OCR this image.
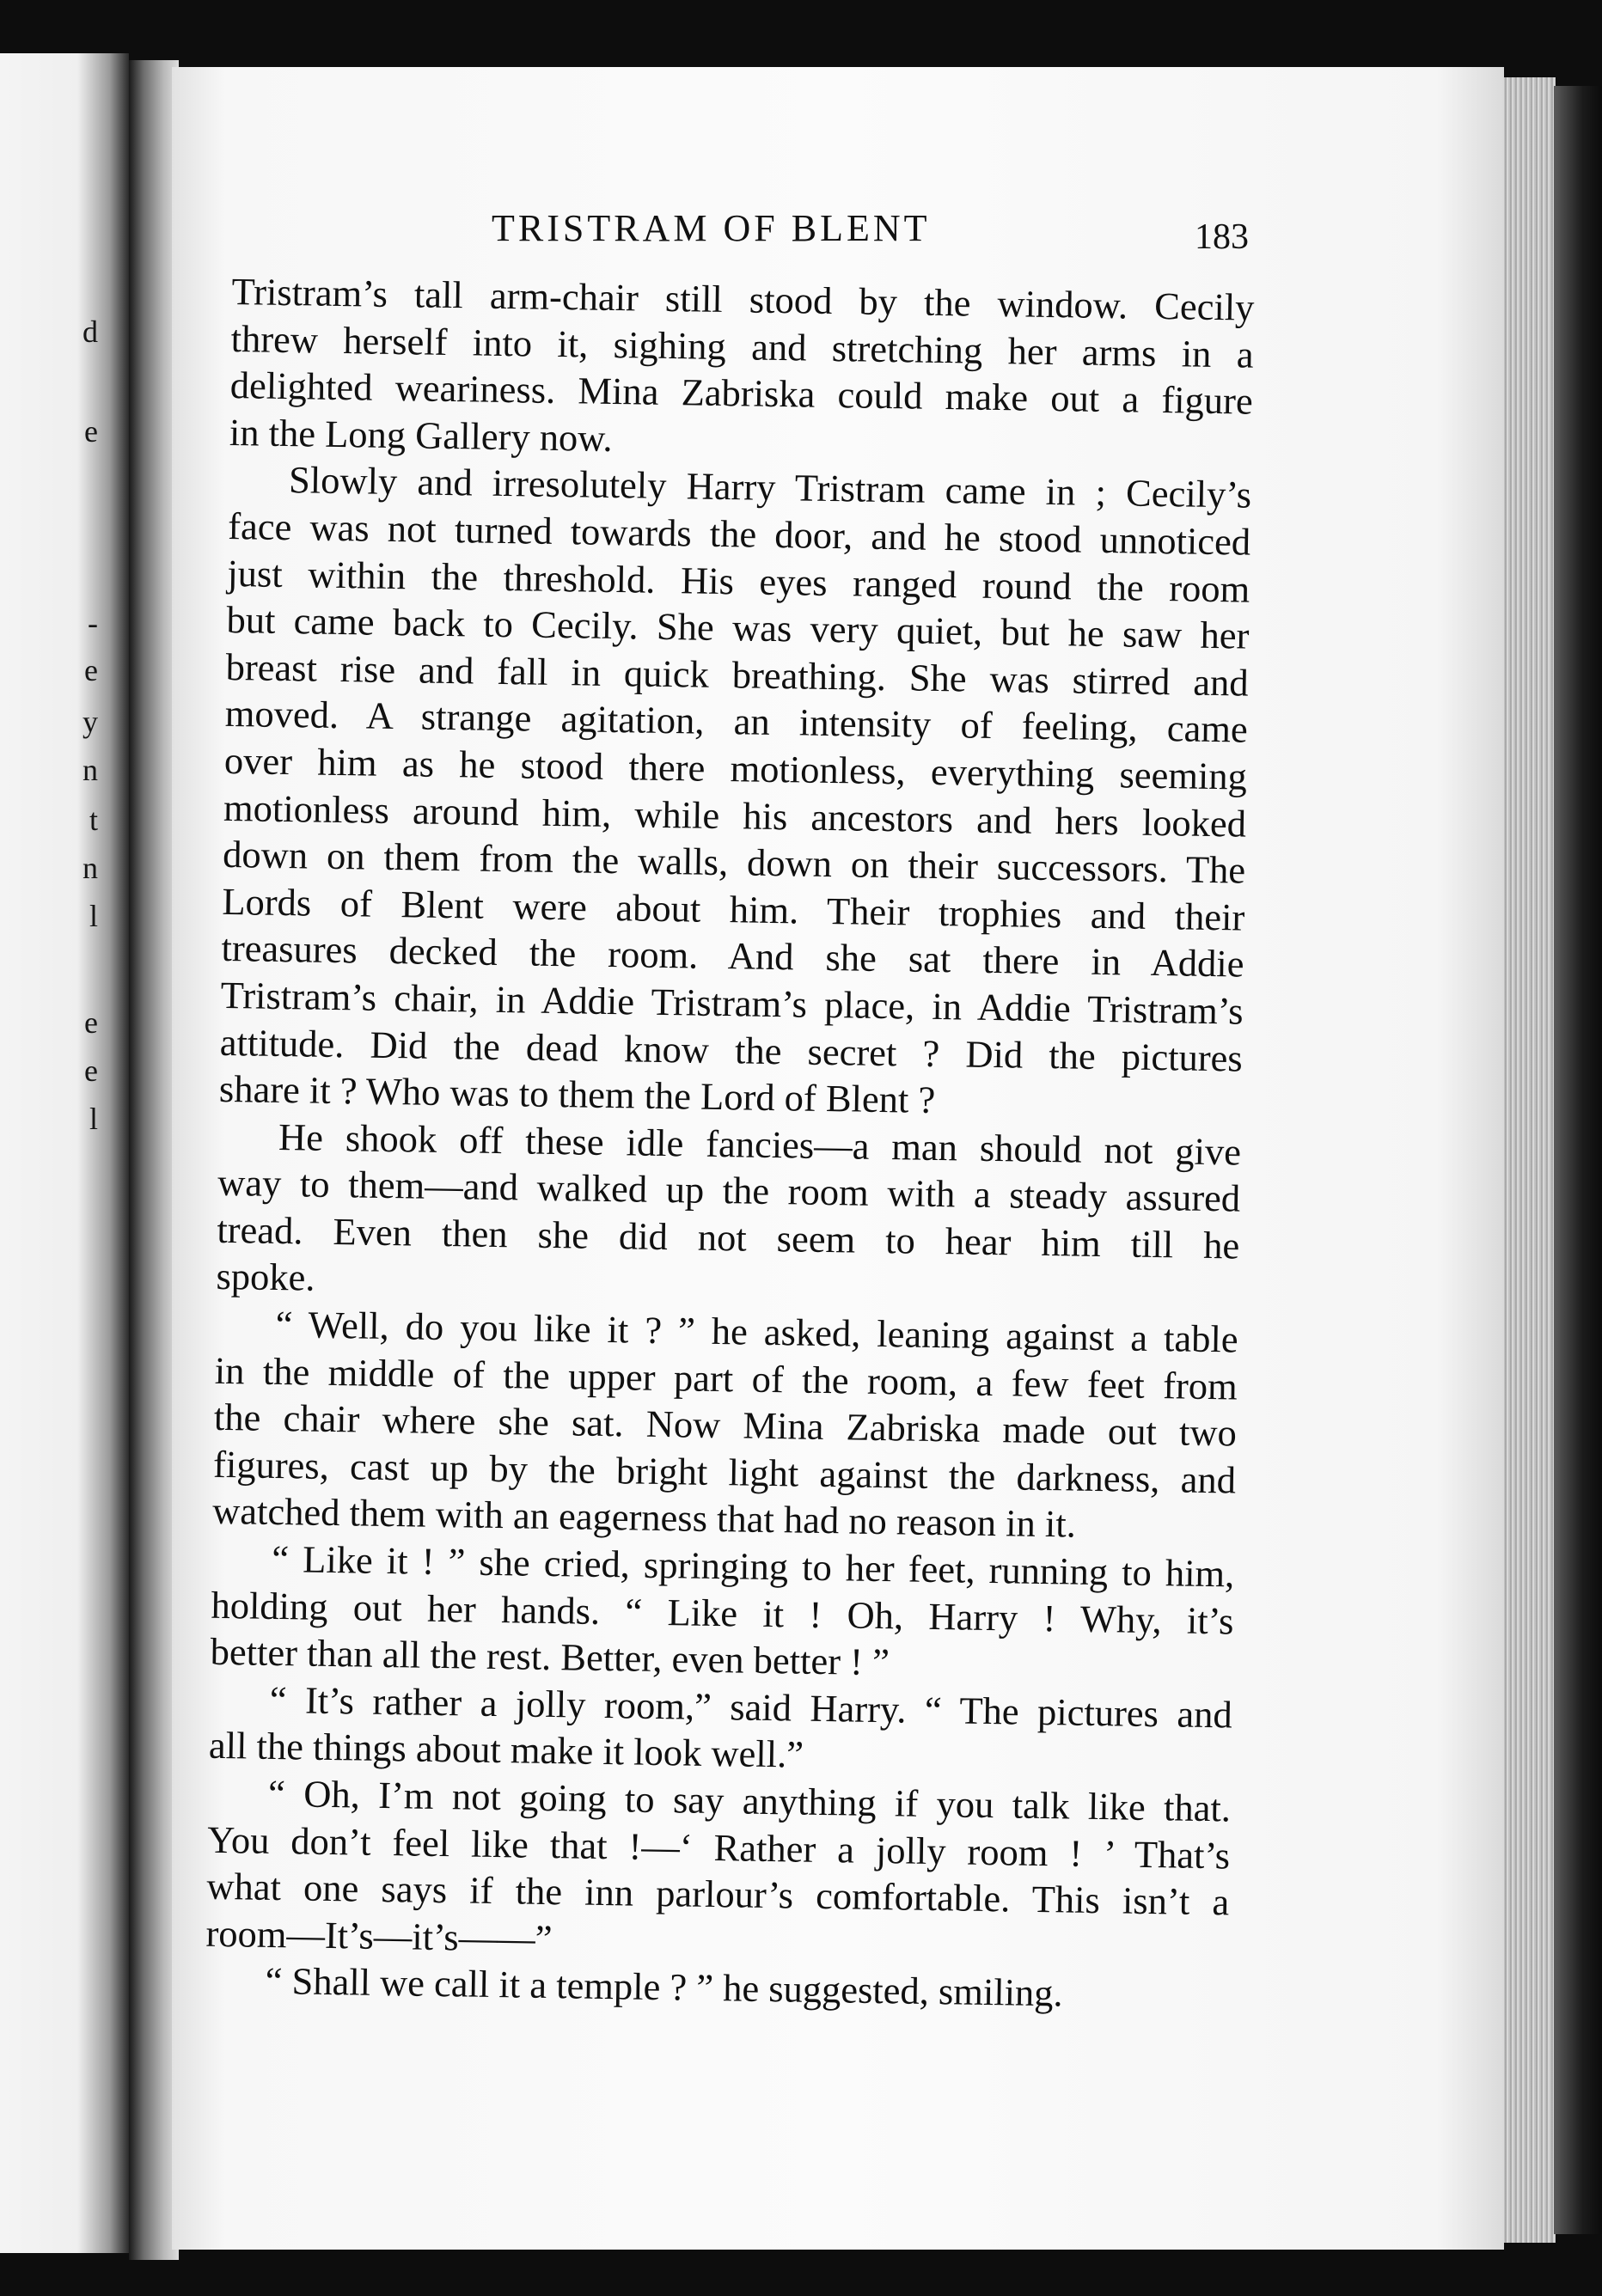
d
e
-
e
y
n
t
n
l
e
e
l
TRISTRAM OF BLENT	183
Tristram’s tall arm-chair still stood by the window. Cecily
threw herself into it, sighing and stretching her arms in a
delighted weariness. Mina Zabriska could make out a figure
in the Long Gallery now.
Slowly and irresolutely Harry Tristram came in ; Cecily’s
face was not turned towards the door, and he stood unnoticed
just within the threshold. His eyes ranged round the room
but came back to Cecily. She was very quiet, but he saw her
breast rise and fall in quick breathing. She was stirred and
moved. A strange agitation, an intensity of feeling, came
over him as he stood there motionless, everything seeming
motionless around him, while his ancestors and hers looked
down on them from the walls, down on their successors. The
Lords of Blent were about him. Their trophies and their
treasures decked the room. And she sat there in Addie
Tristram’s chair, in Addie Tristram’s place, in Addie Tristram’s
attitude. Did the dead know the secret ? Did the pictures
share it ? Who was to them the Lord of Blent ?
He shook off these idle fancies—a man should not give
way to them—and walked up the room with a steady assured
tread. Even then she did not seem to hear him till he
spoke.
“ Well, do you like it ? ” he asked, leaning against a table
in the middle of the upper part of the room, a few feet from
the chair where she sat. Now Mina Zabriska made out two
figures, cast up by the bright light against the darkness, and
watched them with an eagerness that had no reason in it.
“ Like it ! ” she cried, springing to her feet, running to him,
holding out her hands. “ Like it ! Oh, Harry ! Why, it’s
better than all the rest. Better, even better ! ”
“ It’s rather a jolly room,” said Harry. “ The pictures and
all the things about make it look well.”
“ Oh, I’m not going to say anything if you talk like that.
You don’t feel like that !—‘ Rather a jolly room ! ’ That’s
what one says if the inn parlour’s comfortable. This isn’t a
room—It’s—it’s——”
“ Shall we call it a temple ? ” he suggested, smiling.
